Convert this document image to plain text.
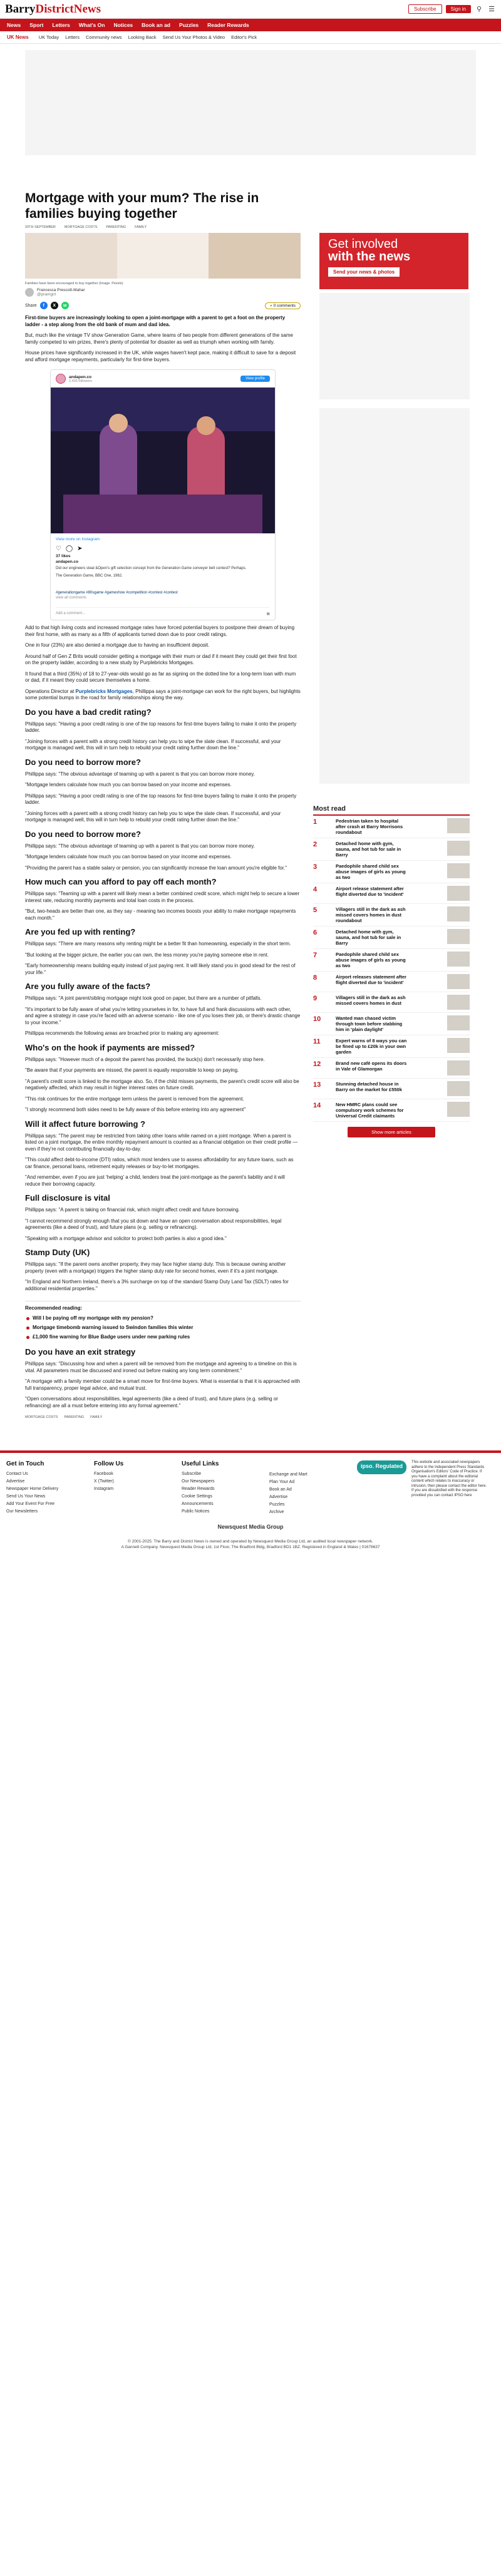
BarryDistrictNews	Subscribe	Sign in	⚲ ☰
News	Sport	Letters	What's On	Notices	Book an ad	Puzzles	Reader Rewards
UK News	UK Today	Letters	Community news	Looking Back	Send Us Your Photos & Video	Editor's Pick
Mortgage with your mum? The rise in families buying together
20TH SEPTEMBER	MORTGAGE COSTS	PARENTING	FAMILY
Families have been encouraged to buy together (Image: Pexels)
Francesca Prescott-Mahar
@pramgirl
Share	f	X	w	● 0 comments

First-time buyers are increasingly looking to open a joint-mortgage with a parent to get a foot on the property ladder - a step along from the old bank of mum and dad idea.

But, much like the vintage TV show Generation Game, where teams of two people from different generations of the same family competed to win prizes, there's plenty of potential for disaster as well as triumph when working with family.

House prices have significantly increased in the UK, while wages haven't kept pace, making it difficult to save for a deposit and afford mortgage repayments, particularly for first-time buyers.

andapen.co
2,435 followers
View profile
View more on Instagram
♡ ◯ ➤
37 likes
andapen.co
Did our engineers steal &Open's gift selection concept from the Generation Game conveyer belt contest? Perhaps.
The Generation Game, BBC One, 1982.
#generationgame #80sgame #gameshow #competition #contest #contest
view all comments
Add a comment...	▣

Add to that high living costs and increased mortgage rates have forced potential buyers to postpone their dream of buying their first home, with as many as a fifth of applicants turned down due to poor credit ratings.

One in four (23%) are also denied a mortgage due to having an insufficient deposit.

Around half of Gen Z Brits would consider getting a mortgage with their mum or dad if it meant they could get their first foot on the property ladder, according to a new study by Purplebricks Mortgages.

It found that a third (35%) of 18 to 27-year-olds would go as far as signing on the dotted line for a long-term loan with mum or dad, if it meant they could secure themselves a home.

Operations Director at Purplebricks Mortgages, Phillippa says a joint-mortgage can work for the right buyers, but highlights some potential bumps in the road for family relationships along the way.

Do you have a bad credit rating?

Phillippa says: "Having a poor credit rating is one of the top reasons for first-time buyers failing to make it onto the property ladder.

"Joining forces with a parent with a strong credit history can help you to wipe the slate clean. If successful, and your mortgage is managed well, this will in turn help to rebuild your credit rating further down the line."

Do you need to borrow more?

Phillippa says: "The obvious advantage of teaming up with a parent is that you can borrow more money.

"Mortgage lenders calculate how much you can borrow based on your income and expenses.

Phillippa says: "Having a poor credit rating is one of the top reasons for first-time buyers failing to make it onto the property ladder.

"Joining forces with a parent with a strong credit history can help you to wipe the slate clean. If successful, and your mortgage is managed well, this will in turn help to rebuild your credit rating further down the line."

Do you need to borrow more?

Phillippa says: "The obvious advantage of teaming up with a parent is that you can borrow more money.

"Mortgage lenders calculate how much you can borrow based on your income and expenses.

"Providing the parent has a stable salary or pension, you can significantly increase the loan amount you're eligible for."

How much can you afford to pay off each month?

Phillippa says: "Teaming up with a parent will likely mean a better combined credit score, which might help to secure a lower interest rate, reducing monthly payments and total loan costs in the process.

"But, two-heads are better than one, as they say - meaning two incomes boosts your ability to make mortgage repayments each month."

Are you fed up with renting?

Phillippa says: "There are many reasons why renting might be a better fit than homeowning, especially in the short term.

"But looking at the bigger picture, the earlier you can own, the less money you're paying someone else in rent.

"Early homeownership means building equity instead of just paying rent. It will likely stand you in good stead for the rest of your life."

Are you fully aware of the facts?

Phillippa says: "A joint parent/sibling mortgage might look good on paper, but there are a number of pitfalls.

"It's important to be fully aware of what you're letting yourselves in for, to have full and frank discussions with each other, and agree a strategy in case you're faced with an adverse scenario - like one of you loses their job, or there's drastic change to your income."

Phillippa recommends the following areas are broached prior to making any agreement:

Who's on the hook if payments are missed?

Phillippa says: "However much of a deposit the parent has provided, the buck(s) don't necessarily stop here.

"Be aware that if your payments are missed, the parent is equally responsible to keep on paying.

"A parent's credit score is linked to the mortgage also. So, if the child misses payments, the parent's credit score will also be negatively affected, which may result in higher interest rates on future credit.

"This risk continues for the entire mortgage term unless the parent is removed from the agreement.

"I strongly recommend both sides need to be fully aware of this before entering into any agreement"

Will it affect future borrowing ?

Phillippa says: "The parent may be restricted from taking other loans while named on a joint mortgage. When a parent is listed on a joint mortgage, the entire monthly repayment amount is counted as a financial obligation on their credit profile — even if they're not contributing financially day-to-day.

"This could affect debt-to-income (DTI) ratios, which most lenders use to assess affordability for any future loans, such as car finance, personal loans, retirement equity releases or buy-to-let mortgages.

"And remember, even if you are just 'helping' a child, lenders treat the joint-mortgage as the parent's liability and it will reduce their borrowing capacity.

Full disclosure is vital

Phillippa says: "A parent is taking on financial risk, which might affect credit and future borrowing.

"I cannot recommend strongly enough that you sit down and have an open conversation about responsibilities, legal agreements (like a deed of trust), and future plans (e.g. selling or refinancing).

"Speaking with a mortgage advisor and solicitor to protect both parties is also a good idea."

Stamp Duty (UK)

Phillippa says: "If the parent owns another property, they may face higher stamp duty. This is because owning another property (even with a mortgage) triggers the higher stamp duty rate for second homes, even if it's a joint mortgage.

"In England and Northern Ireland, there's a 3% surcharge on top of the standard Stamp Duty Land Tax (SDLT) rates for additional residential properties."

Recommended reading:
Will I be paying off my mortgage with my pension?
Mortgage timebomb warning issued to Swindon families this winter
£1,000 fine warning for Blue Badge users under new parking rules
Do you have an exit strategy

Phillippa says: "Discussing how and when a parent will be removed from the mortgage and agreeing to a timeline on this is vital. All parameters must be discussed and ironed out before making any long term commitment."

"A mortgage with a family member could be a smart move for first-time buyers. What is essential is that it is approached with full transparency, proper legal advice, and mutual trust.

"Open conversations about responsibilities, legal agreements (like a deed of trust), and future plans (e.g. selling or refinancing) are all a must before entering into any formal agreement."

MORTGAGE COSTS PARENTING FAMILY
Get involved
with the news
Send your news & photos
Most read
1	Pedestrian taken to hospital after crash at Barry Morrisons roundabout
2	Detached home with gym, sauna, and hot tub for sale in Barry
3	Paedophile shared child sex abuse images of girls as young as two
4	Airport release statement after flight diverted due to 'incident'
5	Villagers still in the dark as ash missed covers homes in dust roundabout
6	Detached home with gym, sauna, and hot tub for sale in Barry
7	Paedophile shared child sex abuse images of girls as young as two
8	Airport releases statement after flight diverted due to 'incident'
9	Villagers still in the dark as ash missed covers homes in dust
10	Wanted man chased victim through town before stabbing him in 'plain daylight'
11	Expert warns of 8 ways you can be fined up to £20k in your own garden
12	Brand new café opens its doors in Vale of Glamorgan
13	Stunning detached house in Barry on the market for £550k
14	New HMRC plans could see compulsory work schemes for Universal Credit claimants
Show more articles
Get in Touch
Contact Us
Advertise
Newspaper Home Delivery
Send Us Your News
Add Your Event For Free
Our Newsletters
Follow Us
Facebook
X (Twitter)
Instagram
Useful Links
Subscribe
Our Newspapers
Reader Rewards
Cookie Settings
Announcements
Public Notices
Exchange and Mart
Plan Your Ad
Book an Ad
Advertise
Puzzles
Archive
ipso. Regulated
This website and associated newspapers adhere to the Independent Press Standards Organisation's Editors' Code of Practice. If you have a complaint about the editorial content which relates to inaccuracy or intrusion, then please contact the editor here. If you are dissatisfied with the response provided you can contact IPSO here
Newsquest Media Group
© 2001-2025. The Barry and District News is owned and operated by Newsquest Media Group Ltd, an audited local newspaper network.
A Gannett Company. Newsquest Media Group Ltd, 1st Floor, The Bradford Bldg, Bradford BD1 1BZ. Registered in England & Wales | 01676637
